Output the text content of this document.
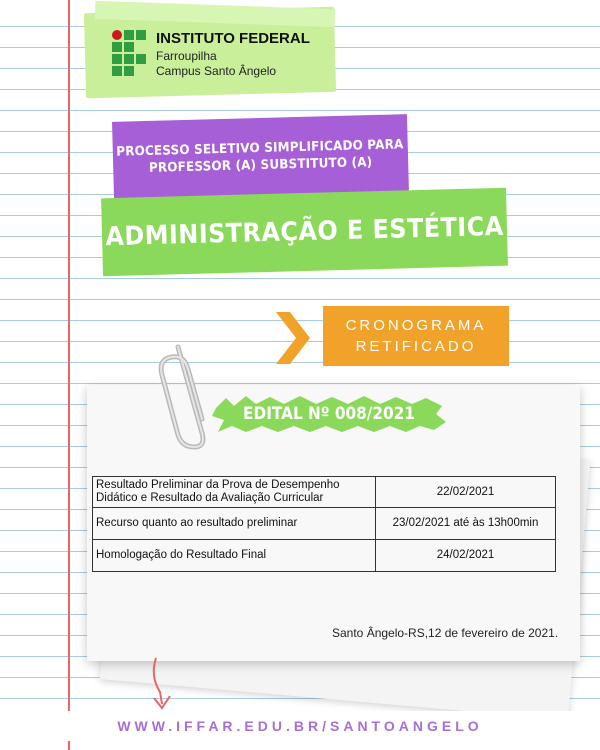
INSTITUTO FEDERAL
Farroupilha
Campus Santo Ângelo
PROCESSO SELETIVO SIMPLIFICADO PARA
PROFESSOR (A) SUBSTITUTO (A)
ADMINISTRAÇÃO E ESTÉTICA
CRONOGRAMA
RETIFICADO
EDITAL Nº 008/2021
Resultado Preliminar da Prova de Desempenho
Didático e Resultado da Avaliação Curricular	22/02/2021
Recurso quanto ao resultado preliminar	23/02/2021 até às 13h00min
Homologação do Resultado Final	24/02/2021
Santo Ângelo-RS,12 de fevereiro de 2021.
WWW.IFFAR.EDU.BR/SANTOANGELO
